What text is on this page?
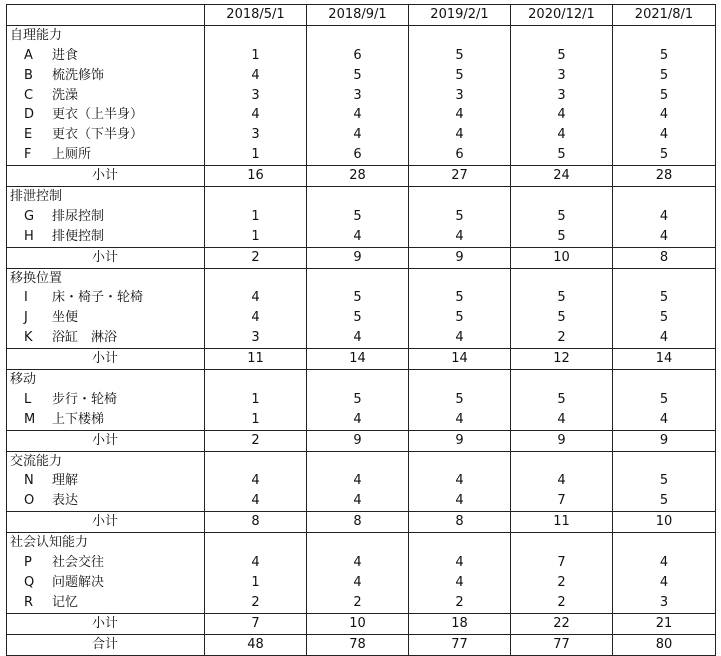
	2018/5/1	2018/9/1	2019/2/1	2020/12/1	2021/8/1
自理能力					
A 进食	1	6	5	5	5
B 梳洗修饰	4	5	5	3	5
C 洗澡	3	3	3	3	5
D 更衣（上半身）	4	4	4	4	4
E 更衣（下半身）	3	4	4	4	4
F 上厕所	1	6	6	5	5
小计	16	28	27	24	28
排泄控制					
G 排尿控制	1	5	5	5	4
H 排便控制	1	4	4	5	4
小计	2	9	9	10	8
移换位置					
I 床・椅子・轮椅	4	5	5	5	5
J 坐便	4	5	5	5	5
K 浴缸　淋浴	3	4	4	2	4
小计	11	14	14	12	14
移动					
L 步行・轮椅	1	5	5	5	5
M 上下楼梯	1	4	4	4	4
小计	2	9	9	9	9
交流能力					
N 理解	4	4	4	4	5
O 表达	4	4	4	7	5
小计	8	8	8	11	10
社会认知能力					
P 社会交往	4	4	4	7	4
Q 问题解决	1	4	4	2	4
R 记忆	2	2	2	2	3
小计	7	10	18	22	21
合计	48	78	77	77	80
